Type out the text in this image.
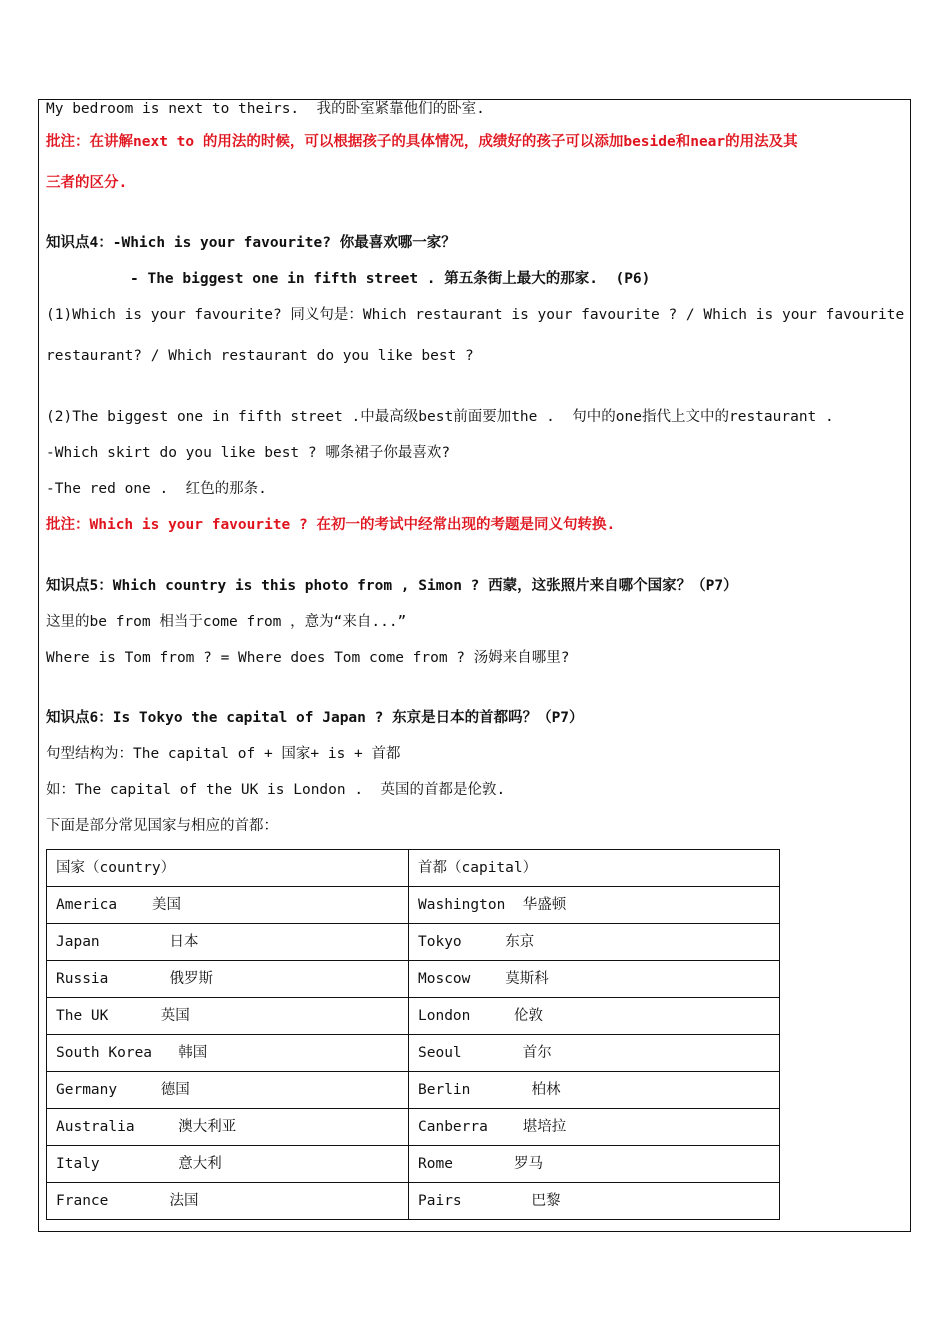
My bedroom is next to theirs.  我的卧室紧靠他们的卧室.
批注：在讲解next to 的用法的时候，可以根据孩子的具体情况，成绩好的孩子可以添加beside和near的用法及其
三者的区分.
知识点4：-Which is your favourite? 你最喜欢哪一家？
- The biggest one in fifth street . 第五条街上最大的那家.  (P6)
(1)Which is your favourite? 同义句是：Which restaurant is your favourite ? / Which is your favourite
restaurant? / Which restaurant do you like best ?
(2)The biggest one in fifth street .中最高级best前面要加the .  句中的one指代上文中的restaurant .
-Which skirt do you like best ? 哪条裙子你最喜欢?
-The red one .  红色的那条.
批注：Which is your favourite ? 在初一的考试中经常出现的考题是同义句转换.
知识点5：Which country is this photo from , Simon ? 西蒙，这张照片来自哪个国家？（P7）
这里的be from 相当于come from ，意为“来自...”
Where is Tom from ? = Where does Tom come from ? 汤姆来自哪里?
知识点6：Is Tokyo the capital of Japan ? 东京是日本的首都吗？（P7）
句型结构为：The capital of + 国家+ is + 首都
如：The capital of the UK is London .  英国的首都是伦敦.
下面是部分常见国家与相应的首都：
国家（country）	首都（capital）
America    美国	Washington  华盛顿
Japan        日本	Tokyo     东京
Russia       俄罗斯	Moscow    莫斯科
The UK      英国	London     伦敦
South Korea   韩国	Seoul       首尔
Germany     德国	Berlin       柏林
Australia     澳大利亚	Canberra    堪培拉
Italy         意大利	Rome       罗马
France       法国	Pairs        巴黎
